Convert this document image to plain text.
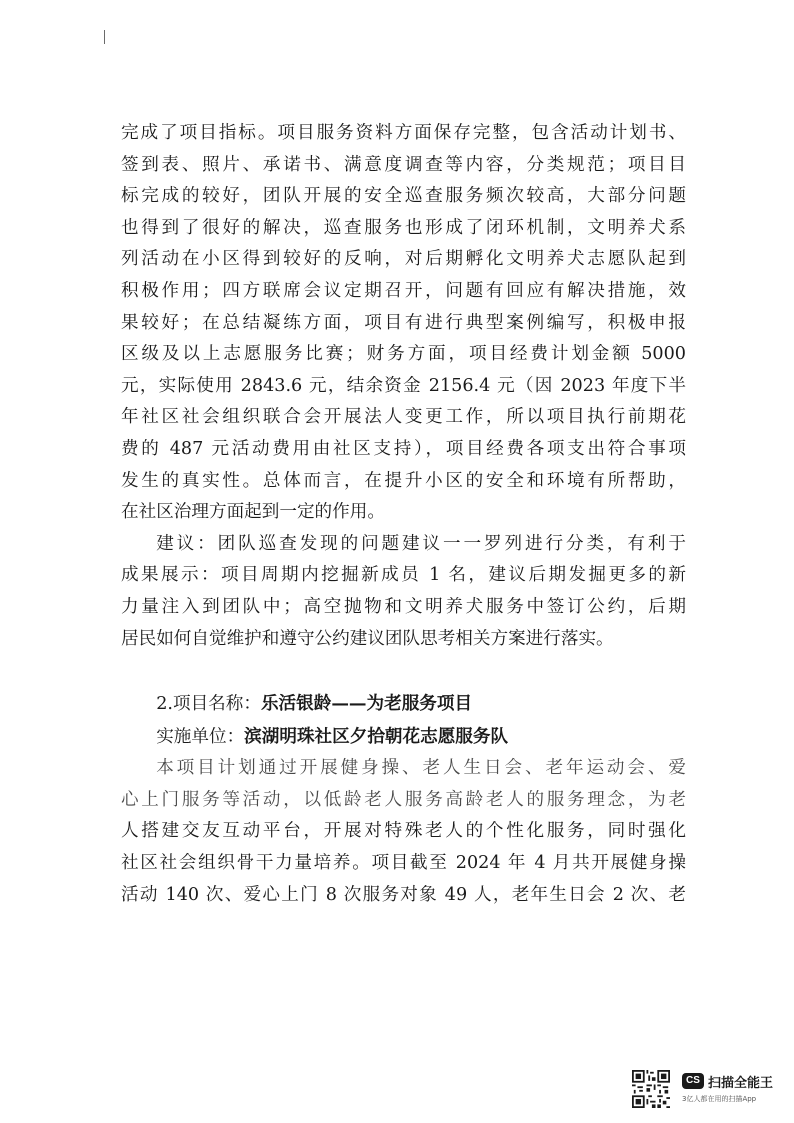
完成了项目指标。项目服务资料方面保存完整，包含活动计划书、

签到表、照片、承诺书、满意度调查等内容，分类规范；项目目

标完成的较好，团队开展的安全巡查服务频次较高，大部分问题

也得到了很好的解决，巡查服务也形成了闭环机制，文明养犬系

列活动在小区得到较好的反响，对后期孵化文明养犬志愿队起到

积极作用；四方联席会议定期召开，问题有回应有解决措施，效

果较好；在总结凝练方面，项目有进行典型案例编写，积极申报

区级及以上志愿服务比赛；财务方面，项目经费计划金额 5000

元，实际使用 2843.6 元，结余资金 2156.4 元（因 2023 年度下半

年社区社会组织联合会开展法人变更工作，所以项目执行前期花

费的 487 元活动费用由社区支持），项目经费各项支出符合事项

发生的真实性。总体而言，在提升小区的安全和环境有所帮助，

在社区治理方面起到一定的作用。

建议：团队巡查发现的问题建议一一罗列进行分类，有利于

成果展示：项目周期内挖掘新成员 1 名，建议后期发掘更多的新

力量注入到团队中；高空抛物和文明养犬服务中签订公约，后期

居民如何自觉维护和遵守公约建议团队思考相关方案进行落实。

2.项目名称：乐活银龄——为老服务项目

实施单位：滨湖明珠社区夕拾朝花志愿服务队

本项目计划通过开展健身操、老人生日会、老年运动会、爱

心上门服务等活动，以低龄老人服务高龄老人的服务理念，为老

人搭建交友互动平台，开展对特殊老人的个性化服务，同时强化

社区社会组织骨干力量培养。项目截至 2024 年 4 月共开展健身操

活动 140 次、爱心上门 8 次服务对象 49 人，老年生日会 2 次、老

CS 扫描全能王
3亿人都在用的扫描App
